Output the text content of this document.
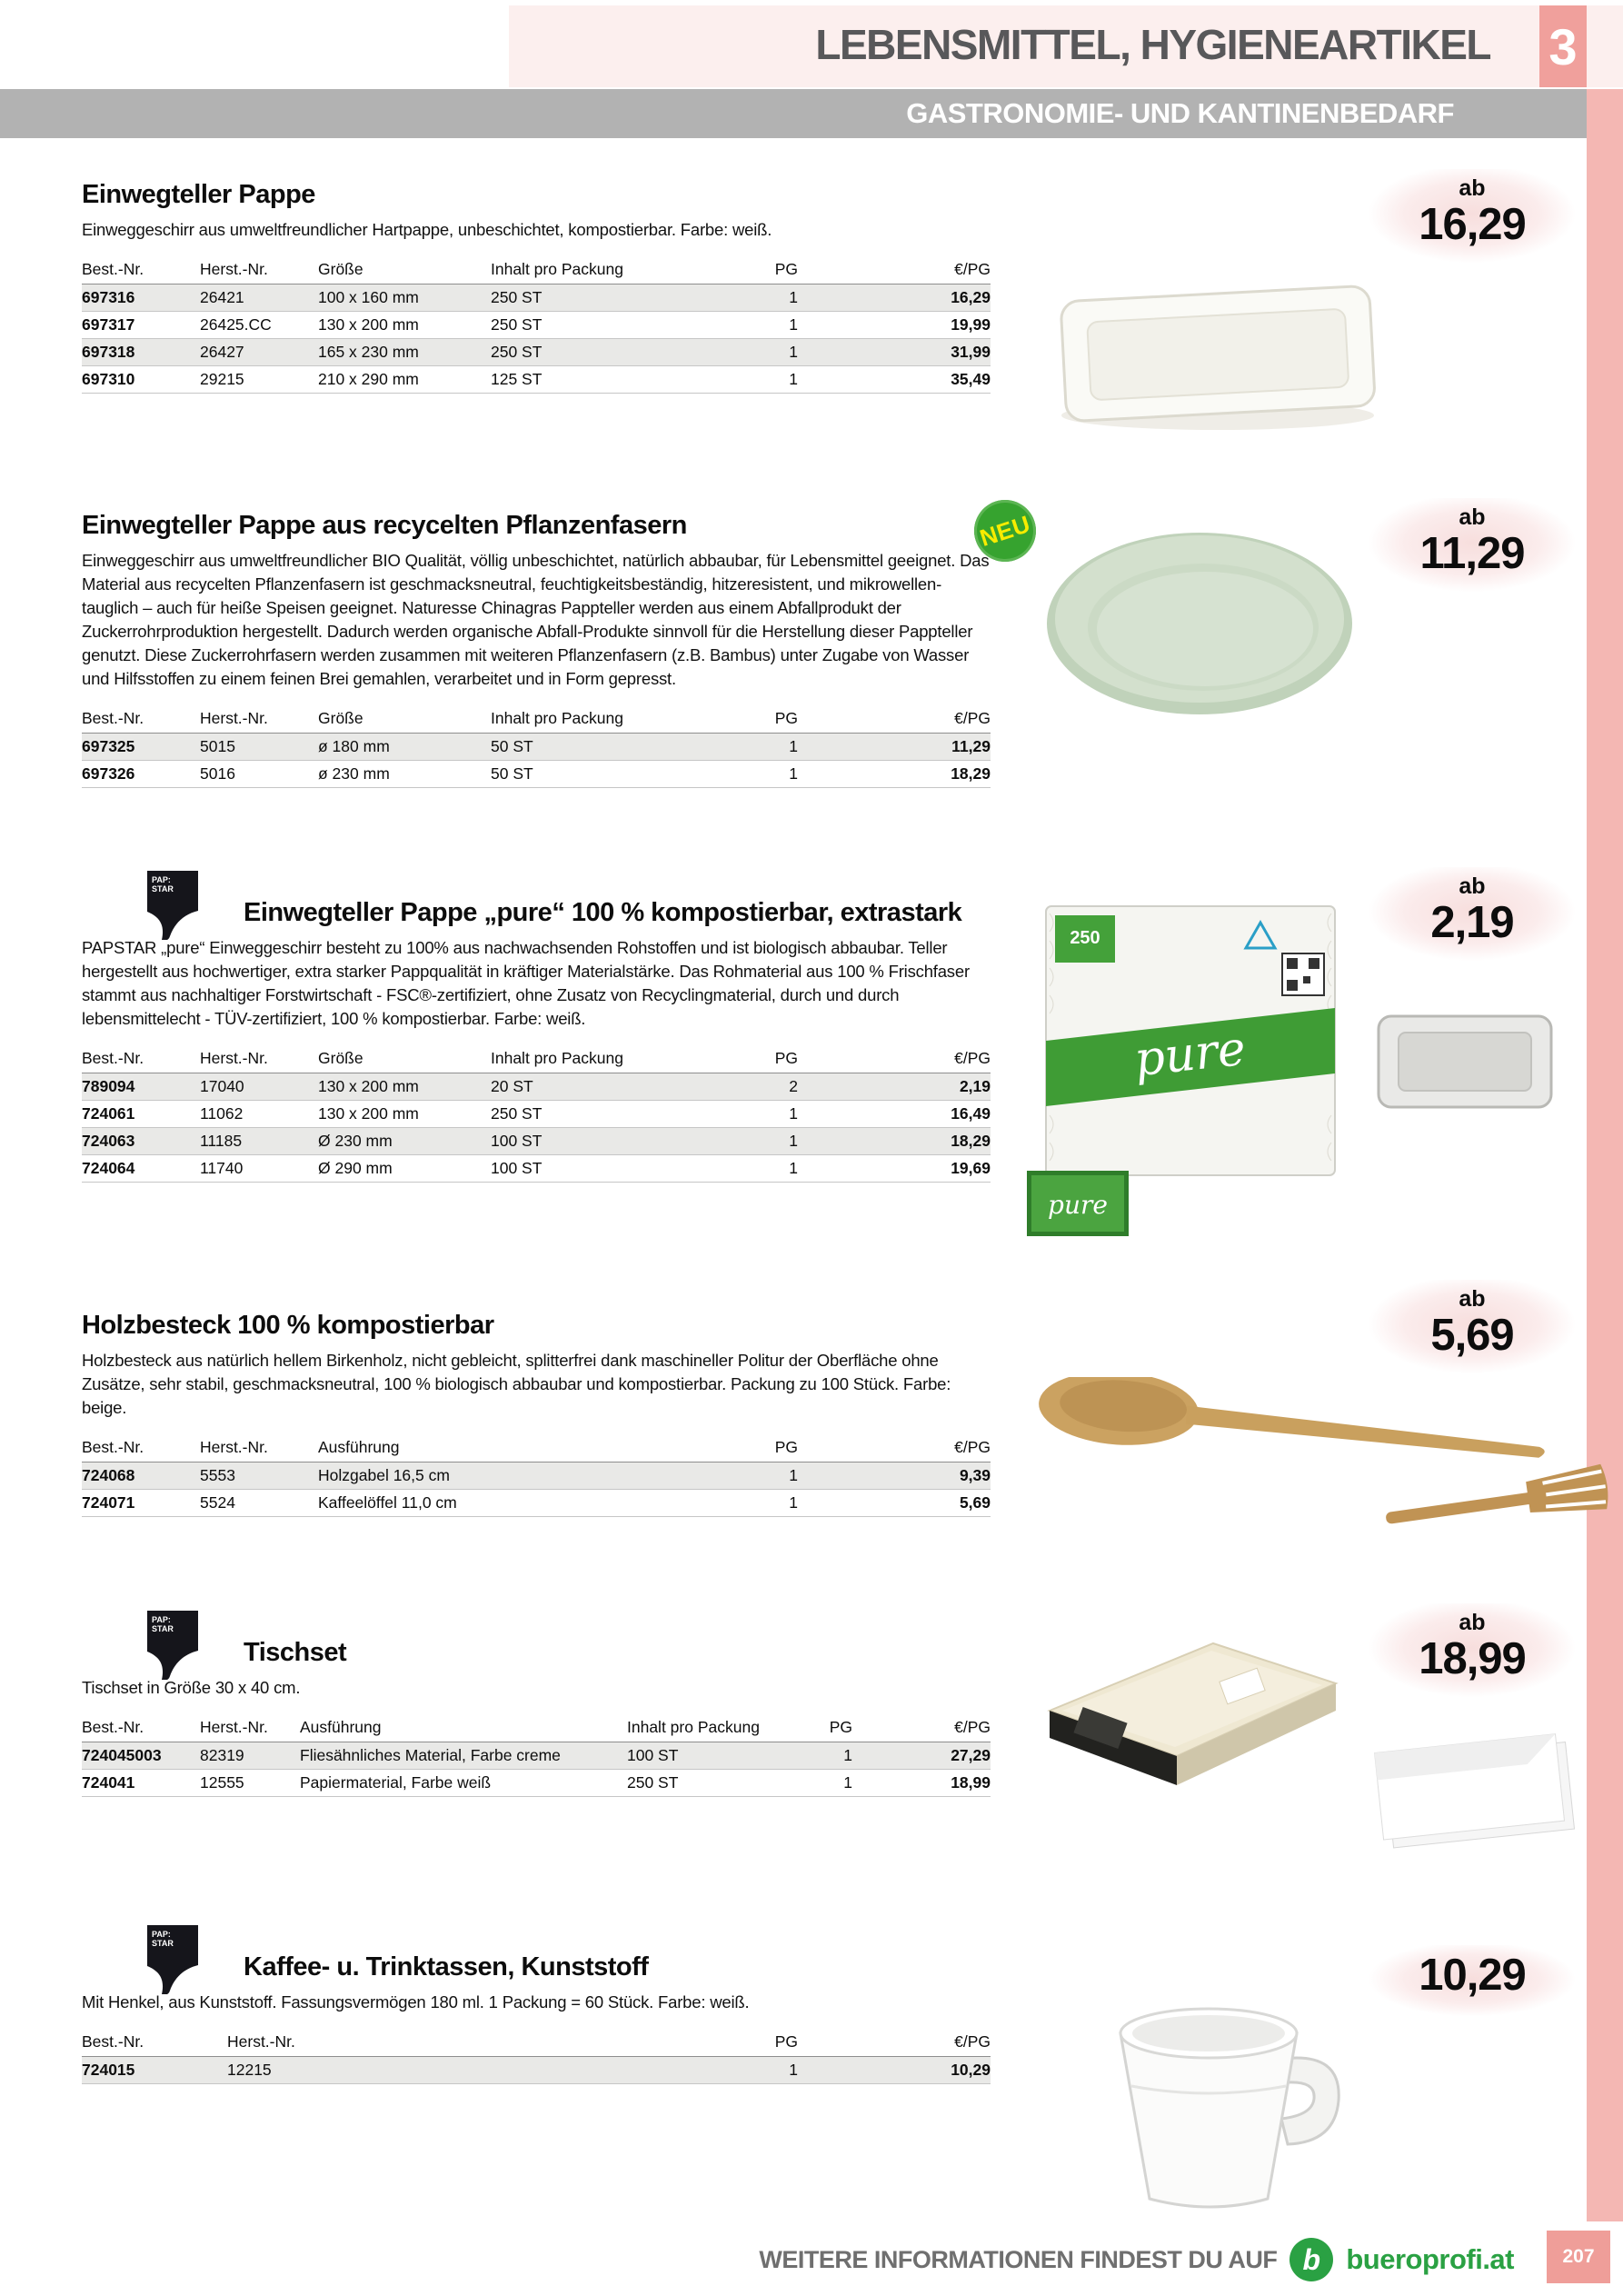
LEBENSMITTEL, HYGIENEARTIKEL 3
GASTRONOMIE- UND KANTINENBEDARF
Einwegteller Pappe

Einweggeschirr aus umweltfreundlicher Hartpappe, unbeschichtet, kompostierbar. Farbe: weiß.

Best.-Nr.	Herst.-Nr.	Größe	Inhalt pro Packung	PG	€/PG
697316	26421	100 x 160 mm	250 ST	1	16,29
697317	26425.CC	130 x 200 mm	250 ST	1	19,99
697318	26427	165 x 230 mm	250 ST	1	31,99
697310	29215	210 x 290 mm	125 ST	1	35,49
ab
16,29
Einwegteller Pappe aus recycelten Pflanzenfasern

Einweggeschirr aus umweltfreundlicher BIO Qualität, völlig unbeschichtet, natürlich abbaubar, für Lebensmittel geeignet. Das Material aus recycelten Pflanzenfasern ist geschmacksneutral, feuchtigkeitsbeständig, hitzeresistent, und mikrowellen-tauglich – auch für heiße Speisen geeignet. Naturesse Chinagras Pappteller werden aus einem Abfallprodukt der Zuckerrohrproduktion hergestellt. Dadurch werden organische Abfall-Produkte sinnvoll für die Herstellung dieser Pappteller genutzt. Diese Zuckerrohrfasern werden zusammen mit weiteren Pflanzenfasern (z.B. Bambus) unter Zugabe von Wasser und Hilfsstoffen zu einem feinen Brei gemahlen, verarbeitet und in Form gepresst.

Best.-Nr.	Herst.-Nr.	Größe	Inhalt pro Packung	PG	€/PG
697325	5015	ø 180 mm	50 ST	1	11,29
697326	5016	ø 230 mm	50 ST	1	18,29
NEU	ab
11,29
PAP:
STAR
Einwegteller Pappe „pure“ 100 % kompostierbar, extrastark

PAPSTAR „pure“ Einweggeschirr besteht zu 100% aus nachwachsenden Rohstoffen und ist biologisch abbaubar. Teller hergestellt aus hochwertiger, extra starker Pappqualität in kräftiger Materialstärke. Das Rohmaterial aus 100 % Frischfaser stammt aus nachhaltiger Forstwirtschaft - FSC®-zertifiziert, ohne Zusatz von Recyclingmaterial, durch und durch lebensmittelecht - TÜV-zertifiziert, 100 % kompostierbar. Farbe: weiß.

Best.-Nr.	Herst.-Nr.	Größe	Inhalt pro Packung	PG	€/PG
789094	17040	130 x 200 mm	20 ST	2	2,19
724061	11062	130 x 200 mm	250 ST	1	16,49
724063	11185	Ø 230 mm	100 ST	1	18,29
724064	11740	Ø 290 mm	100 ST	1	19,69
ab
2,19
250
pure
pure
Holzbesteck 100 % kompostierbar

Holzbesteck aus natürlich hellem Birkenholz, nicht gebleicht, splitterfrei dank maschineller Politur der Oberfläche ohne Zusätze, sehr stabil, geschmacksneutral, 100 % biologisch abbaubar und kompostierbar. Packung zu 100 Stück. Farbe: beige.

Best.-Nr.	Herst.-Nr.	Ausführung	PG	€/PG
724068	5553	Holzgabel 16,5 cm	1	9,39
724071	5524	Kaffeelöffel 11,0 cm	1	5,69
ab
5,69
PAP:
STAR
Tischset

Tischset in Größe 30 x 40 cm.

Best.-Nr.	Herst.-Nr.	Ausführung	Inhalt pro Packung	PG	€/PG
724045003	82319	Fliesähnliches Material, Farbe creme	100 ST	1	27,29
724041	12555	Papiermaterial, Farbe weiß	250 ST	1	18,99
ab
18,99
PAP:
STAR
Kaffee- u. Trinktassen, Kunststoff

Mit Henkel, aus Kunststoff. Fassungsvermögen 180 ml. 1 Packung = 60 Stück. Farbe: weiß.

Best.-Nr.	Herst.-Nr.	PG	€/PG
724015	12215	1	10,29
10,29
WEITERE INFORMATIONEN FINDEST DU AUF b bueroprofi.at	207
